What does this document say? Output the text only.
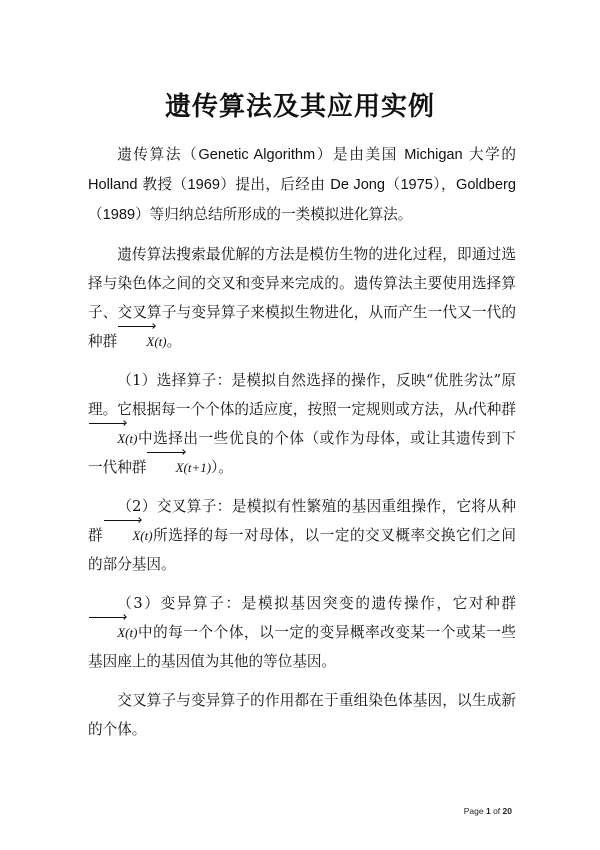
遗传算法及其应用实例

遗传算法（Genetic Algorithm）是由美国 Michigan 大学的 Holland 教授（1969）提出，后经由 De Jong（1975），Goldberg（1989）等归纳总结所形成的一类模拟进化算法。

遗传算法搜索最优解的方法是模仿生物的进化过程，即通过选择与染色体之间的交叉和变异来完成的。遗传算法主要使用选择算子、交叉算子与变异算子来模拟生物进化，从而产生一代又一代的种群 X(t)。

（1）选择算子：是模拟自然选择的操作，反映“优胜劣汰”原理。它根据每一个个体的适应度，按照一定规则或方法，从t代种群X(t)中选择出一些优良的个体（或作为母体，或让其遗传到下一代种群 X(t+1)）。

（2）交叉算子：是模拟有性繁殖的基因重组操作，它将从种群 X(t)所选择的每一对母体，以一定的交叉概率交换它们之间的部分基因。

（3）变异算子：是模拟基因突变的遗传操作，它对种群X(t)中的每一个个体，以一定的变异概率改变某一个或某一些基因座上的基因值为其他的等位基因。

交叉算子与变异算子的作用都在于重组染色体基因，以生成新的个体。

Page 1 of 20
